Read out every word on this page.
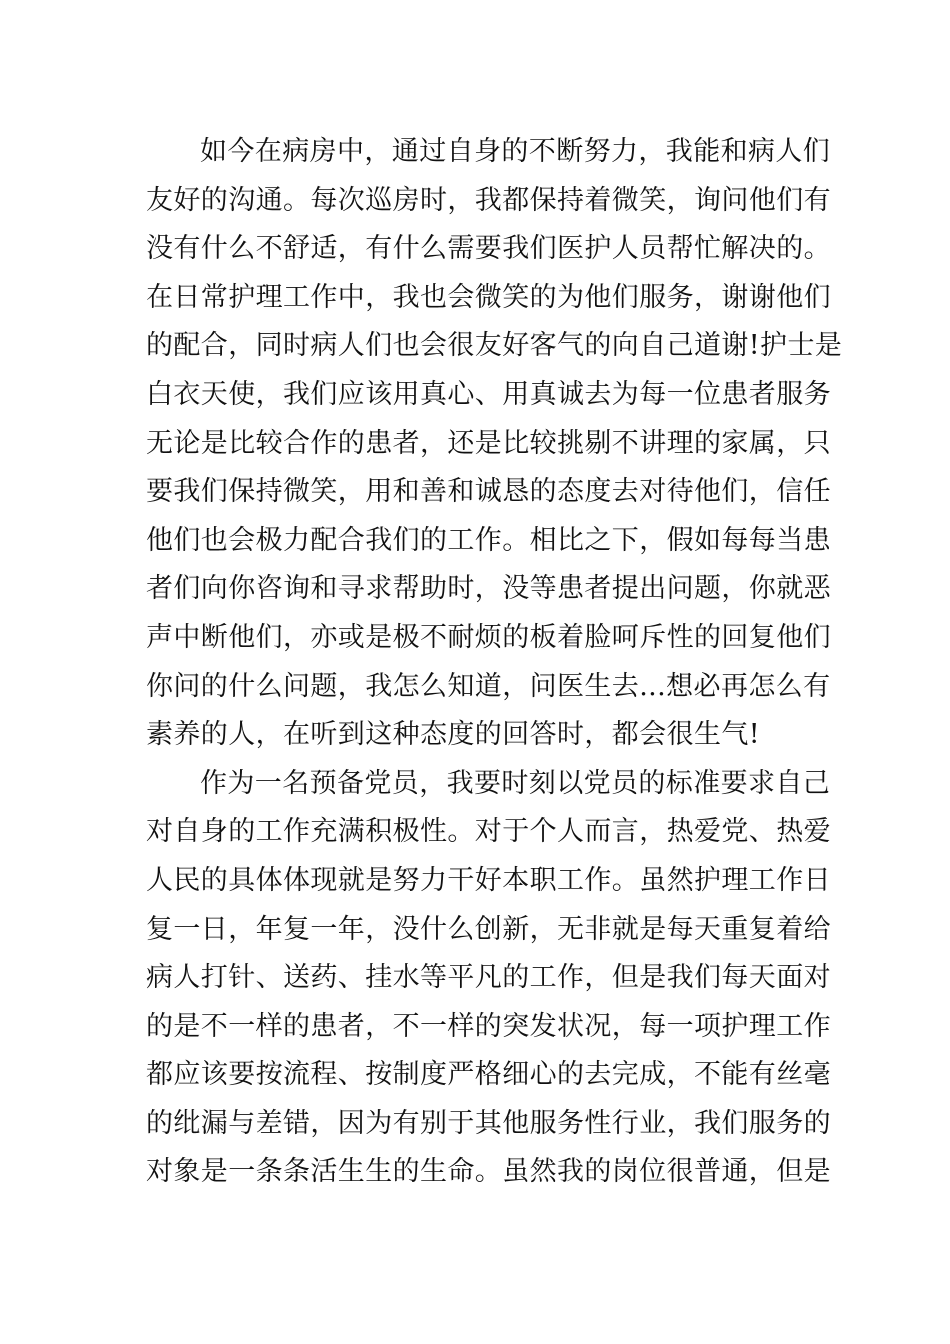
如今在病房中，通过自身的不断努力，我能和病人们
友好的沟通。每次巡房时，我都保持着微笑，询问他们有
没有什么不舒适，有什么需要我们医护人员帮忙解决的。
在日常护理工作中，我也会微笑的为他们服务，谢谢他们
的配合，同时病人们也会很友好客气的向自己道谢!护士是
白衣天使，我们应该用真心、用真诚去为每一位患者服务
无论是比较合作的患者，还是比较挑剔不讲理的家属，只
要我们保持微笑，用和善和诚恳的态度去对待他们，信任
他们也会极力配合我们的工作。相比之下，假如每每当患
者们向你咨询和寻求帮助时，没等患者提出问题，你就恶
声中断他们，亦或是极不耐烦的板着脸呵斥性的回复他们
你问的什么问题，我怎么知道，问医生去...想必再怎么有
素养的人，在听到这种态度的回答时，都会很生气!
作为一名预备党员，我要时刻以党员的标准要求自己
对自身的工作充满积极性。对于个人而言，热爱党、热爱
人民的具体体现就是努力干好本职工作。虽然护理工作日
复一日，年复一年，没什么创新，无非就是每天重复着给
病人打针、送药、挂水等平凡的工作，但是我们每天面对
的是不一样的患者，不一样的突发状况，每一项护理工作
都应该要按流程、按制度严格细心的去完成，不能有丝毫
的纰漏与差错，因为有别于其他服务性行业，我们服务的
对象是一条条活生生的生命。虽然我的岗位很普通，但是
